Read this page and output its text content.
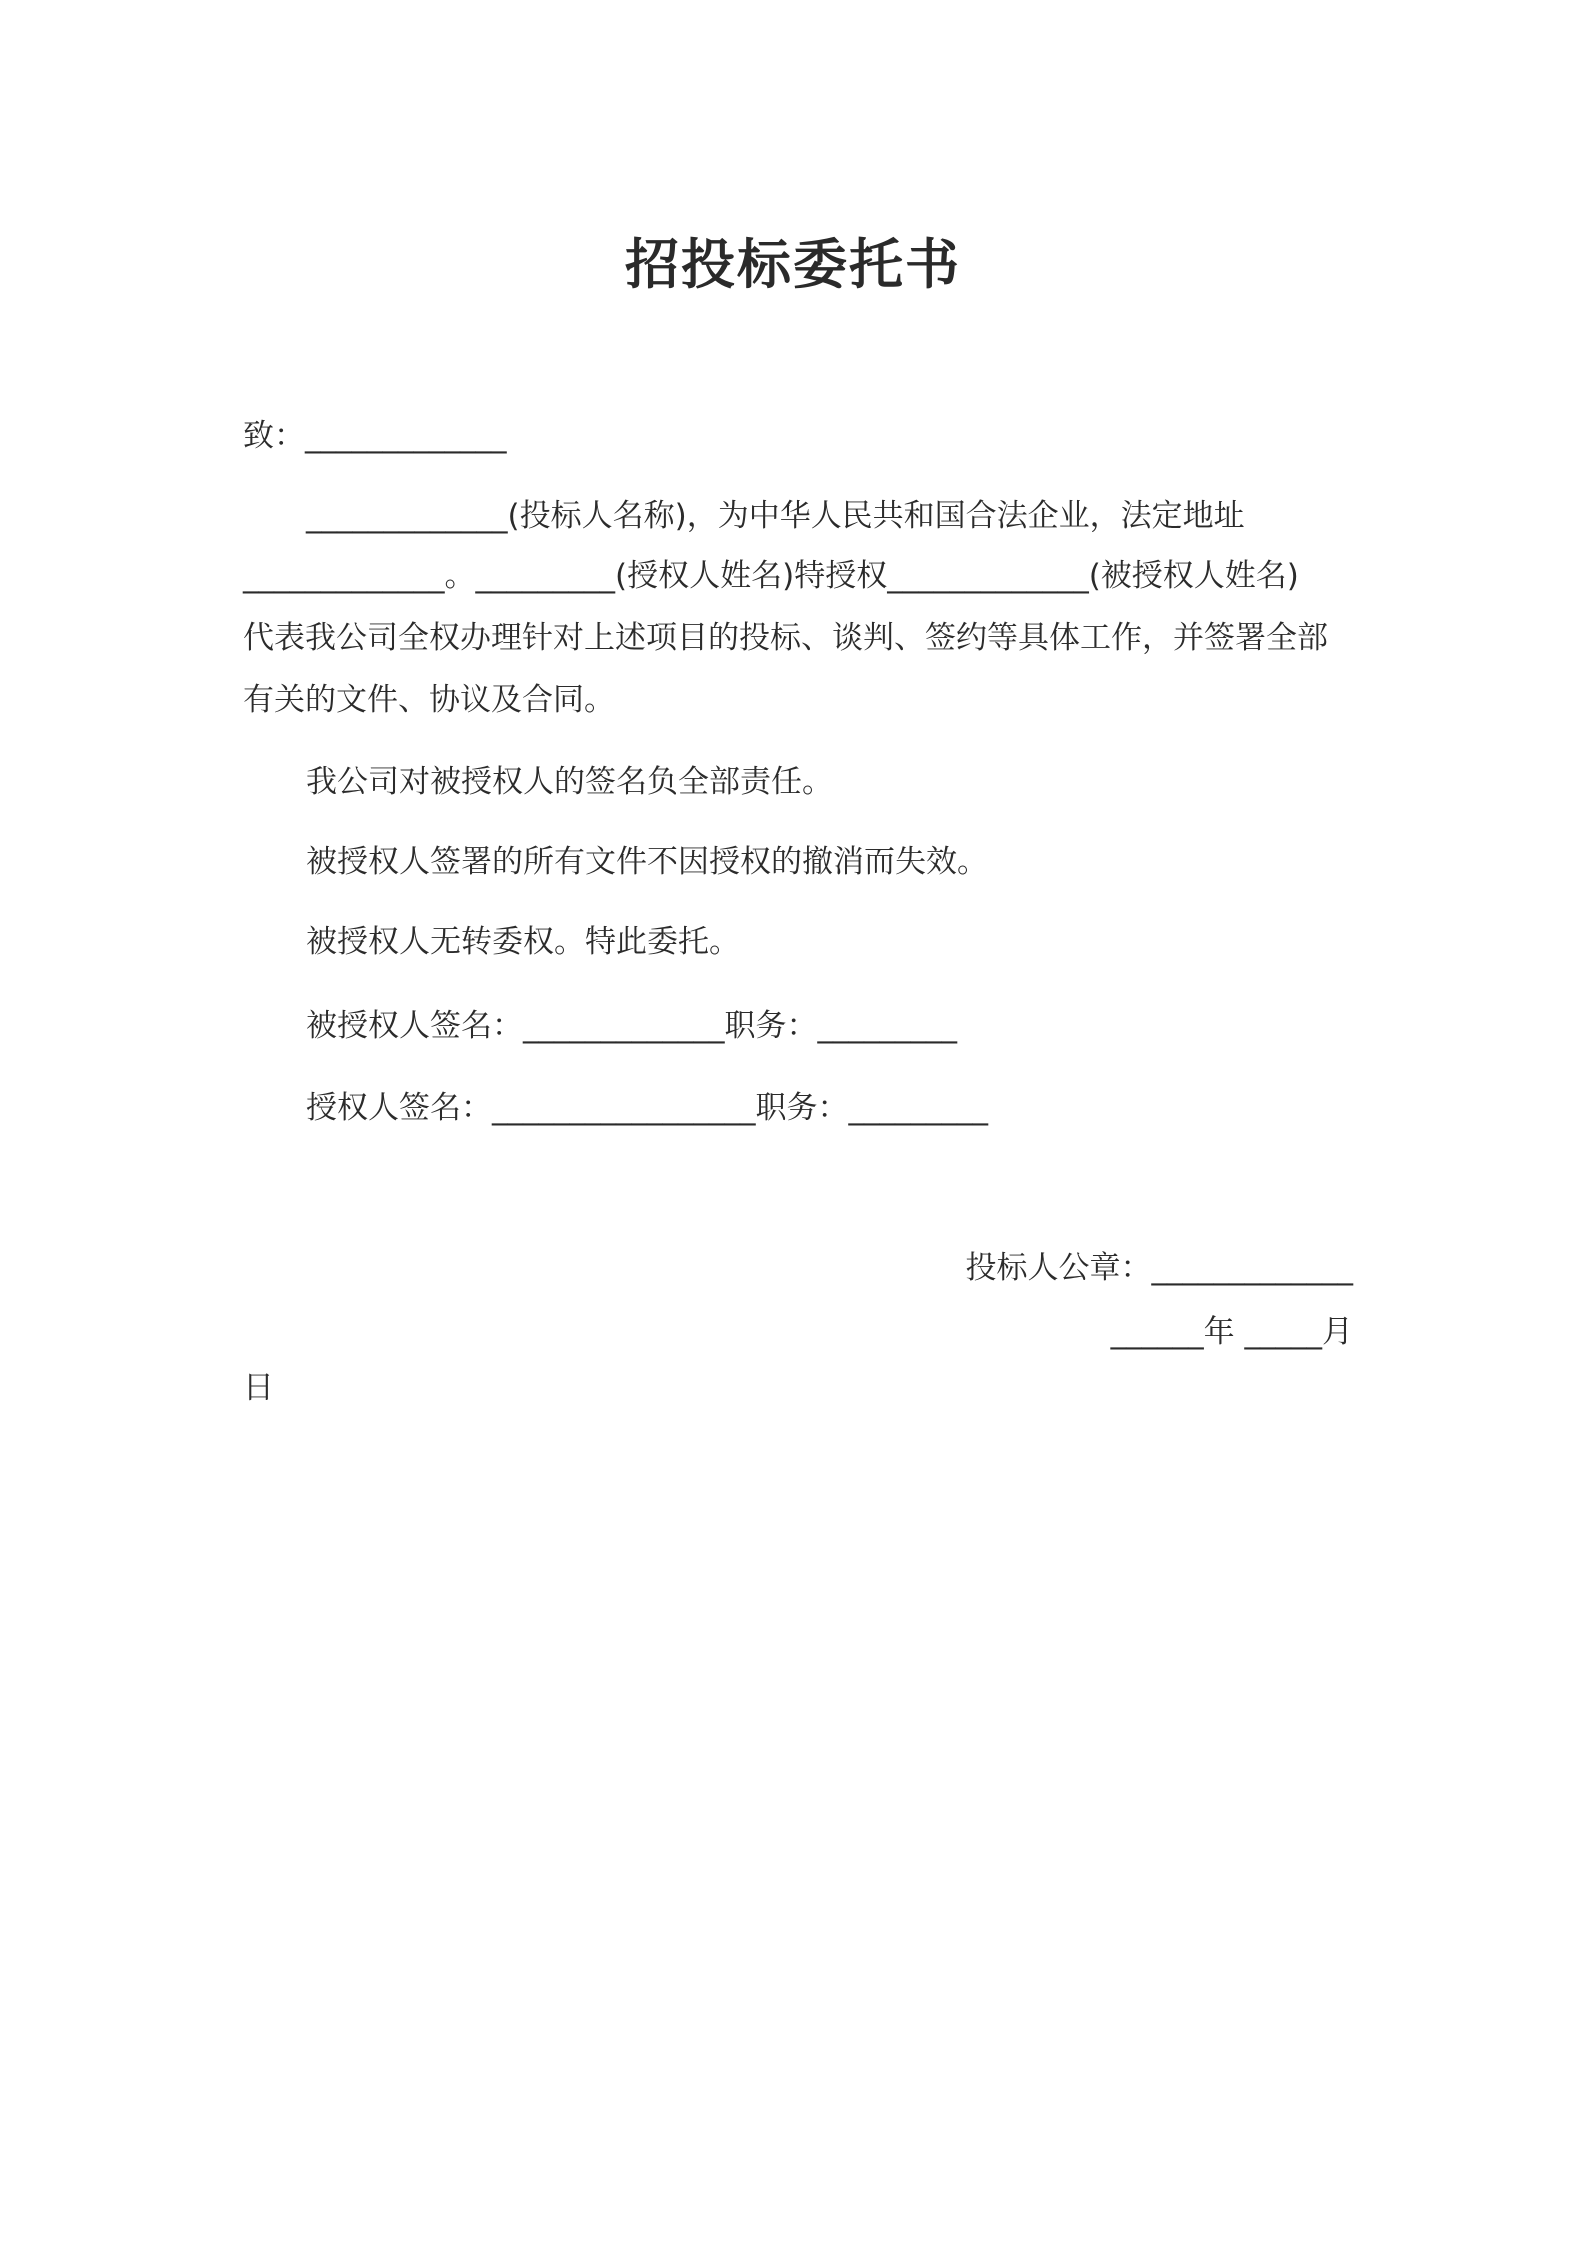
招投标委托书
致：_____________
_____________(投标人名称)，为中华人民共和国合法企业，法定地址
_____________。_________(授权人姓名)特授权_____________(被授权人姓名)
代表我公司全权办理针对上述项目的投标、谈判、签约等具体工作，并签署全部
有关的文件、协议及合同。
我公司对被授权人的签名负全部责任。
被授权人签署的所有文件不因授权的撤消而失效。
被授权人无转委权。特此委托。
被授权人签名：_____________职务：_________
授权人签名：_________________职务：_________
投标人公章：_____________
______年 _____月
日
